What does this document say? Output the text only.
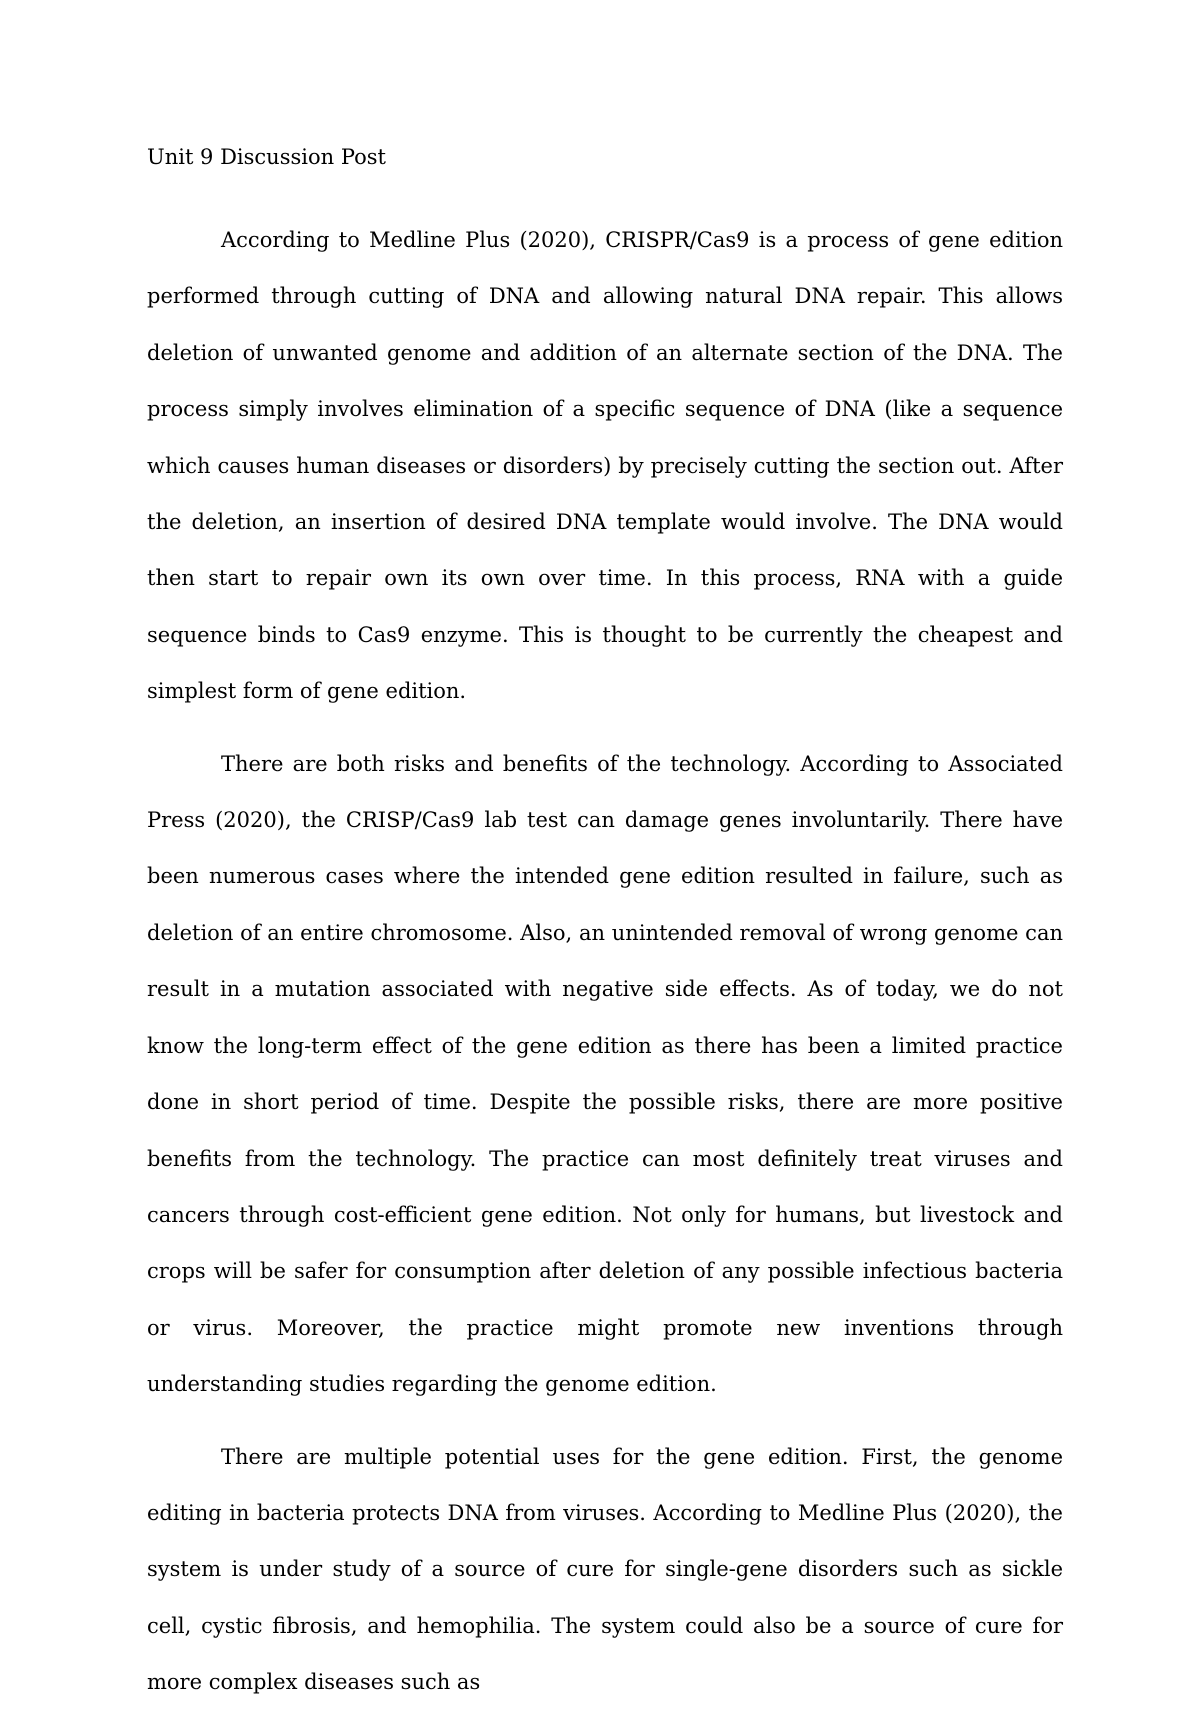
Unit 9 Discussion Post

According to Medline Plus (2020), CRISPR/Cas9 is a process of gene edition performed through cutting of DNA and allowing natural DNA repair. This allows deletion of unwanted genome and addition of an alternate section of the DNA. The process simply involves elimination of a specific sequence of DNA (like a sequence which causes human diseases or disorders) by precisely cutting the section out. After the deletion, an insertion of desired DNA template would involve. The DNA would then start to repair own its own over time. In this process, RNA with a guide sequence binds to Cas9 enzyme. This is thought to be currently the cheapest and simplest form of gene edition.

There are both risks and benefits of the technology. According to Associated Press (2020), the CRISP/Cas9 lab test can damage genes involuntarily. There have been numerous cases where the intended gene edition resulted in failure, such as deletion of an entire chromosome. Also, an unintended removal of wrong genome can result in a mutation associated with negative side effects. As of today, we do not know the long-term effect of the gene edition as there has been a limited practice done in short period of time. Despite the possible risks, there are more positive benefits from the technology. The practice can most definitely treat viruses and cancers through cost-efficient gene edition. Not only for humans, but livestock and crops will be safer for consumption after deletion of any possible infectious bacteria or virus. Moreover, the practice might promote new inventions through understanding studies regarding the genome edition.

There are multiple potential uses for the gene edition. First, the genome editing in bacteria protects DNA from viruses. According to Medline Plus (2020), the system is under study of a source of cure for single-gene disorders such as sickle cell, cystic fibrosis, and hemophilia. The system could also be a source of cure for more complex diseases such as
